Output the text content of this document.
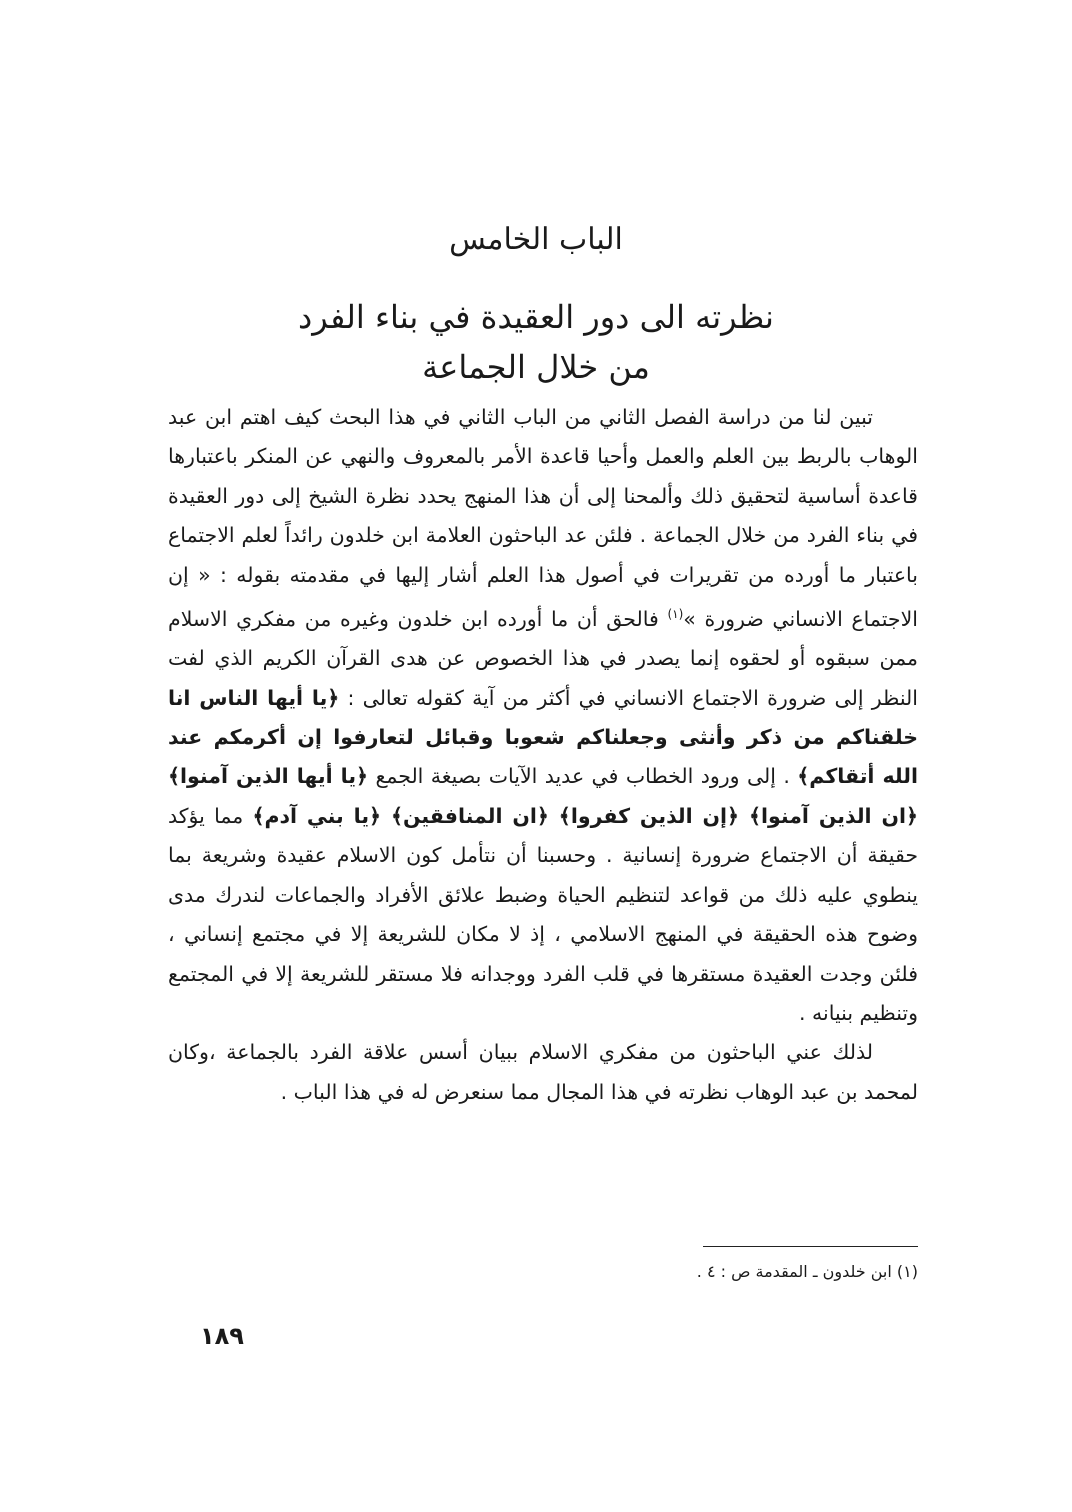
الباب الخامس
نظرته الى دور العقيدة في بناء الفرد
من خلال الجماعة

تبين لنا من دراسة الفصل الثاني من الباب الثاني في هذا البحث كيف اهتم ابن عبد الوهاب بالربط بين العلم والعمل وأحيا قاعدة الأمر بالمعروف والنهي عن المنكر باعتبارها قاعدة أساسية لتحقيق ذلك وألمحنا إلى أن هذا المنهج يحدد نظرة الشيخ إلى دور العقيدة في بناء الفرد من خلال الجماعة . فلئن عد الباحثون العلامة ابن خلدون رائداً لعلم الاجتماع باعتبار ما أورده من تقريرات في أصول هذا العلم أشار إليها في مقدمته بقوله : « إن الاجتماع الانساني ضرورة »$^{(١)}$ فالحق أن ما أورده ابن خلدون وغيره من مفكري الاسلام ممن سبقوه أو لحقوه إنما يصدر في هذا الخصوص عن هدى القرآن الكريم الذي لفت النظر إلى ضرورة الاجتماع الانساني في أكثر من آية كقوله تعالى : ﴿يا أيها الناس انا خلقناكم من ذكر وأنثى وجعلناكم شعوبا وقبائل لتعارفوا إن أكرمكم عند الله أتقاكم﴾ . إلى ورود الخطاب في عديد الآيات بصيغة الجمع ﴿يا أيها الذين آمنوا﴾ ﴿ان الذين آمنوا﴾ ﴿إن الذين كفروا﴾ ﴿ان المنافقين﴾ ﴿يا بني آدم﴾ مما يؤكد حقيقة أن الاجتماع ضرورة إنسانية . وحسبنا أن نتأمل كون الاسلام عقيدة وشريعة بما ينطوي عليه ذلك من قواعد لتنظيم الحياة وضبط علائق الأفراد والجماعات لندرك مدى وضوح هذه الحقيقة في المنهج الاسلامي ، إذ لا مكان للشريعة إلا في مجتمع إنساني ، فلئن وجدت العقيدة مستقرها في قلب الفرد ووجدانه فلا مستقر للشريعة إلا في المجتمع وتنظيم بنيانه .

لذلك عني الباحثون من مفكري الاسلام ببيان أسس علاقة الفرد بالجماعة ،وكان لمحمد بن عبد الوهاب نظرته في هذا المجال مما سنعرض له في هذا الباب .

(١) ابن خلدون ـ المقدمة ص : ٤ .
١٨٩
